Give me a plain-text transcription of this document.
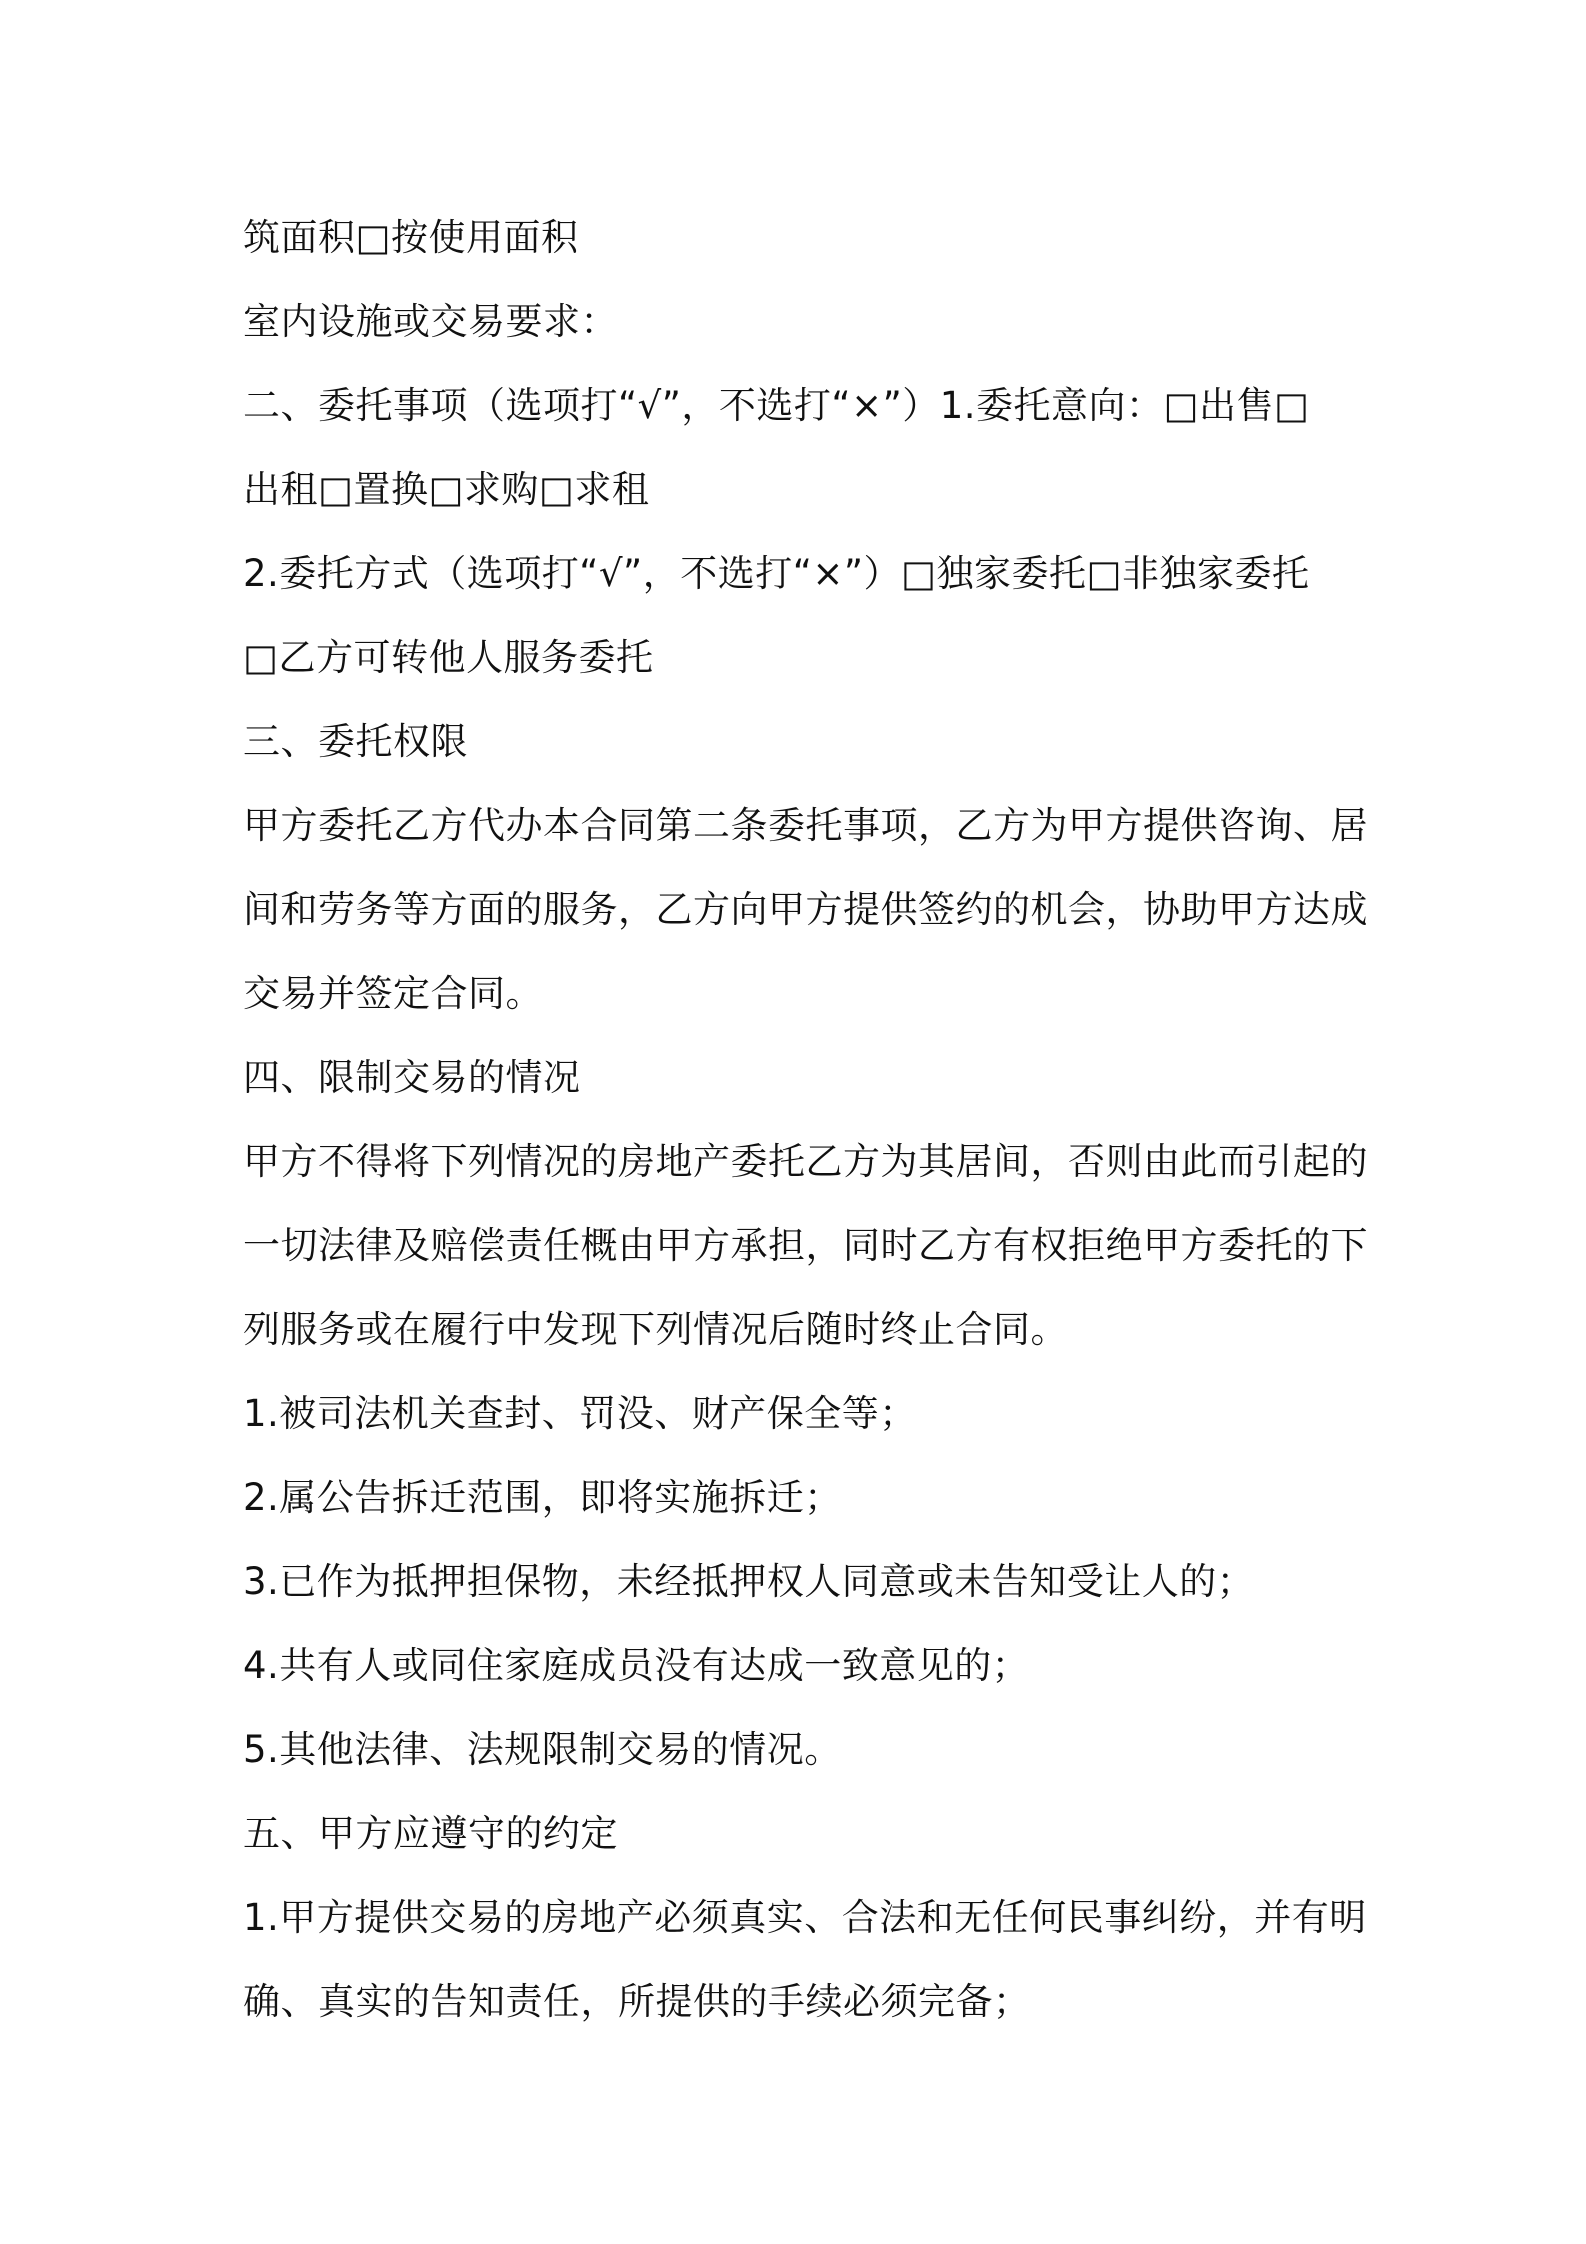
筑面积□按使用面积
室内设施或交易要求：
二、委托事项（选项打“√”，不选打“×”）1.委托意向：□出售□
出租□置换□求购□求租
2.委托方式（选项打“√”，不选打“×”）□独家委托□非独家委托
□乙方可转他人服务委托
三、委托权限
甲方委托乙方代办本合同第二条委托事项，乙方为甲方提供咨询、居
间和劳务等方面的服务，乙方向甲方提供签约的机会，协助甲方达成
交易并签定合同。
四、限制交易的情况
甲方不得将下列情况的房地产委托乙方为其居间，否则由此而引起的
一切法律及赔偿责任概由甲方承担，同时乙方有权拒绝甲方委托的下
列服务或在履行中发现下列情况后随时终止合同。
1.被司法机关查封、罚没、财产保全等；
2.属公告拆迁范围，即将实施拆迁；
3.已作为抵押担保物，未经抵押权人同意或未告知受让人的；
4.共有人或同住家庭成员没有达成一致意见的；
5.其他法律、法规限制交易的情况。
五、甲方应遵守的约定
1.甲方提供交易的房地产必须真实、合法和无任何民事纠纷，并有明
确、真实的告知责任，所提供的手续必须完备；
